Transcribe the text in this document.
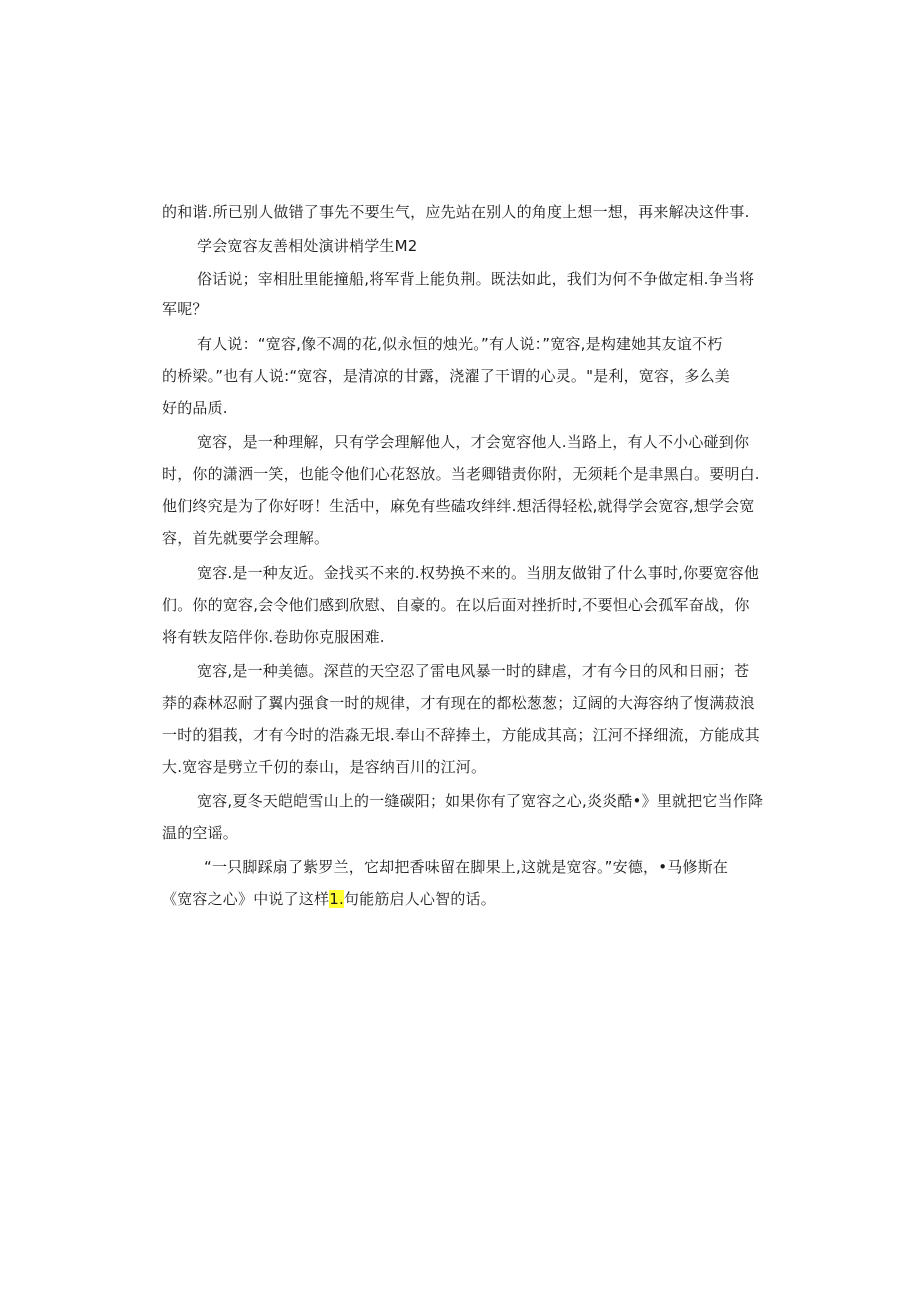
的和谐.所已别人做错了事先不要生气，应先站在别人的角度上想一想，再来解决这件事.
学会宽容友善相处演讲梢学生M2
俗话说；宰相肚里能撞船,将军背上能负荆。既法如此，我们为何不争做定相.争当将
军呢？
有人说：“宽容,像不凋的花,似永恒的烛光。”有人说：”宽容,是构建她其友谊不朽
的桥梁。”也有人说:“宽容，是清凉的甘露，浇濯了干谓的心灵。"是利，宽容，多么美
好的品质.
宽容，是一种理解，只有学会理解他人，才会宽容他人.当路上，有人不小心碰到你
时，你的潇洒一笑，也能令他们心花怒放。当老卿错责你附，无须耗个是聿黑白。要明白.
他们终究是为了你好呀！生活中，麻免有些磕攻绊绊.想活得轻松,就得学会宽容,想学会宽
容，首先就要学会理解。
宽容.是一种友近。金找买不来的.权势换不来的。当朋友做钳了什么事时,你要宽容他
们。你的宽容,会令他们感到欣慰、自豪的。在以后面对挫折时,不要怛心会孤军奋战，你
将有轶友陪伴你.卷助你克服困难.
宽容,是一种美德。深苣的天空忍了雷电风暴一时的肆虐，才有今日的风和日丽；苍
莽的森林忍耐了翼内强食一时的规律，才有现在的都松葱葱；辽阔的大海容纳了愎满菽浪
一时的猖莪，才有今时的浩淼无垠.奉山不辞捧土，方能成其高；江河不择细流，方能成其
大.宽容是劈立千仞的泰山，是容纳百川的江河。
宽容,夏冬天皑皑雪山上的一缝碳阳；如果你有了宽容之心,炎炎酷•》里就把它当作降
温的空谣。
“一只脚踩扇了紫罗兰，它却把香味留在脚果上,这就是宽容。”安德，•马修斯在
《宽容之心》中说了这样1.句能筋启人心智的话。
